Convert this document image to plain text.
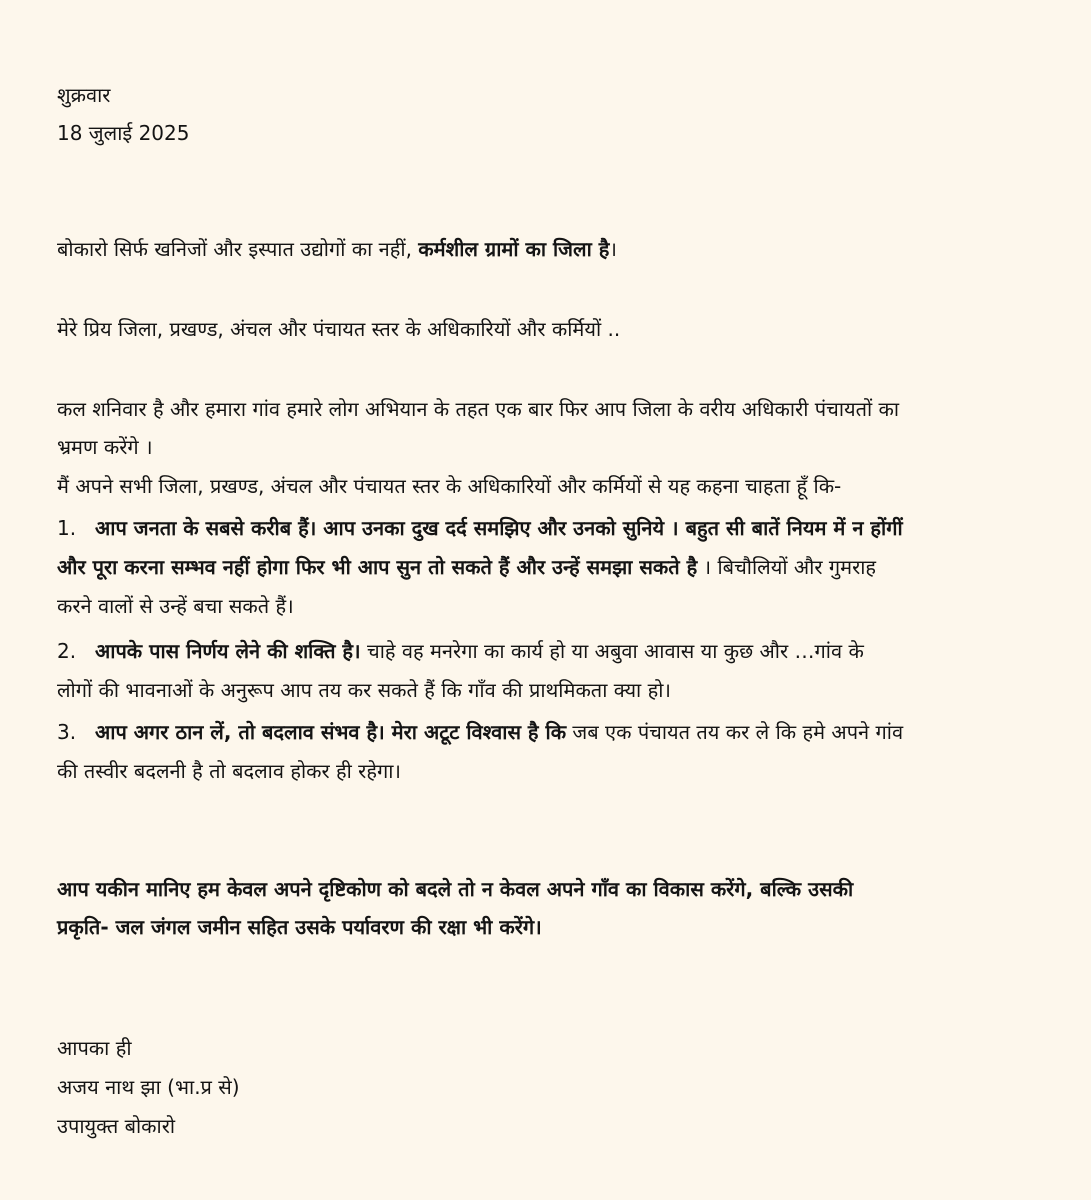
शुक्रवार
18 जुलाई 2025
बोकारो सिर्फ खनिजों और इस्पात उद्योगों का नहीं, कर्मशील ग्रामों का जिला है।
मेरे प्रिय जिला, प्रखण्ड, अंचल और पंचायत स्तर के अधिकारियों और कर्मियों ..
कल शनिवार है और हमारा गांव हमारे लोग अभियान के तहत एक बार फिर आप जिला के वरीय अधिकारी पंचायतों का
भ्रमण करेंगे ।
मैं अपने सभी जिला, प्रखण्ड, अंचल और पंचायत स्तर के अधिकारियों और कर्मियों से यह कहना चाहता हूँ कि-
1. आप जनता के सबसे करीब हैं। आप उनका दुख दर्द समझिए और उनको सुनिये । बहुत सी बातें नियम में न होंगीं
और पूरा करना सम्भव नहीं होगा फिर भी आप सुन तो सकते हैं और उन्हें समझा सकते है । बिचौलियों और गुमराह
करने वालों से उन्हें बचा सकते हैं।
2. आपके पास निर्णय लेने की शक्ति है। चाहे वह मनरेगा का कार्य हो या अबुवा आवास या कुछ और …गांव के
लोगों की भावनाओं के अनुरूप आप तय कर सकते हैं कि गाँव की प्राथमिकता क्या हो।
3. आप अगर ठान लें, तो बदलाव संभव है। मेरा अटूट विश्वास है कि जब एक पंचायत तय कर ले कि हमे अपने गांव
की तस्वीर बदलनी है तो बदलाव होकर ही रहेगा।
आप यकीन मानिए हम केवल अपने दृष्टिकोण को बदले तो न केवल अपने गाँव का विकास करेंगे, बल्कि उसकी
प्रकृति- जल जंगल जमीन सहित उसके पर्यावरण की रक्षा भी करेंगे।
आपका ही
अजय नाथ झा (भा.प्र से)
उपायुक्त बोकारो
